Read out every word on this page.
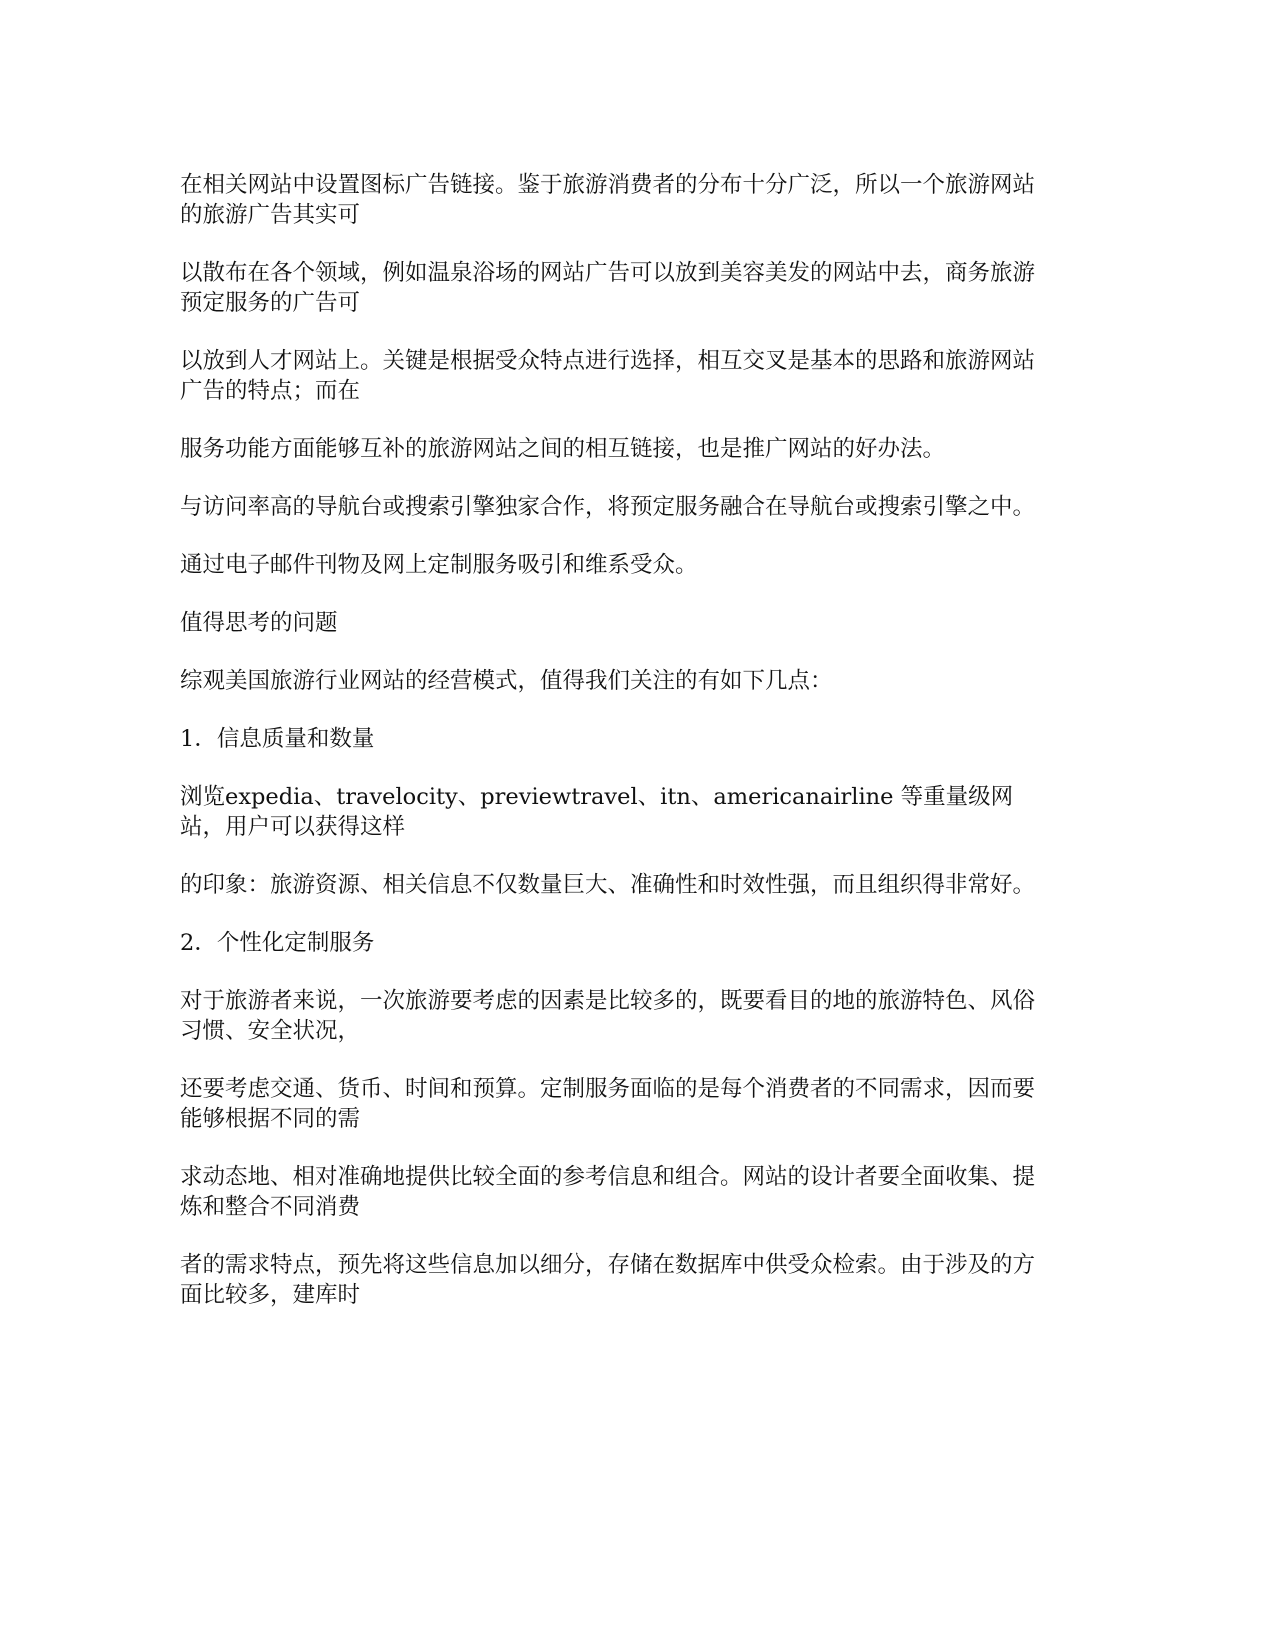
在相关网站中设置图标广告链接。鉴于旅游消费者的分布十分广泛，所以一个旅游网站的旅游广告其实可

以散布在各个领域，例如温泉浴场的网站广告可以放到美容美发的网站中去，商务旅游预定服务的广告可

以放到人才网站上。关键是根据受众特点进行选择，相互交叉是基本的思路和旅游网站广告的特点；而在

服务功能方面能够互补的旅游网站之间的相互链接，也是推广网站的好办法。

与访问率高的导航台或搜索引擎独家合作，将预定服务融合在导航台或搜索引擎之中。

通过电子邮件刊物及网上定制服务吸引和维系受众。

值得思考的问题

综观美国旅游行业网站的经营模式，值得我们关注的有如下几点：

1．信息质量和数量

浏览expedia、travelocity、previewtravel、itn、americanairline 等重量级网站，用户可以获得这样

的印象：旅游资源、相关信息不仅数量巨大、准确性和时效性强，而且组织得非常好。

2．个性化定制服务

对于旅游者来说，一次旅游要考虑的因素是比较多的，既要看目的地的旅游特色、风俗习惯、安全状况，

还要考虑交通、货币、时间和预算。定制服务面临的是每个消费者的不同需求，因而要能够根据不同的需

求动态地、相对准确地提供比较全面的参考信息和组合。网站的设计者要全面收集、提炼和整合不同消费

者的需求特点，预先将这些信息加以细分，存储在数据库中供受众检索。由于涉及的方面比较多，建库时
